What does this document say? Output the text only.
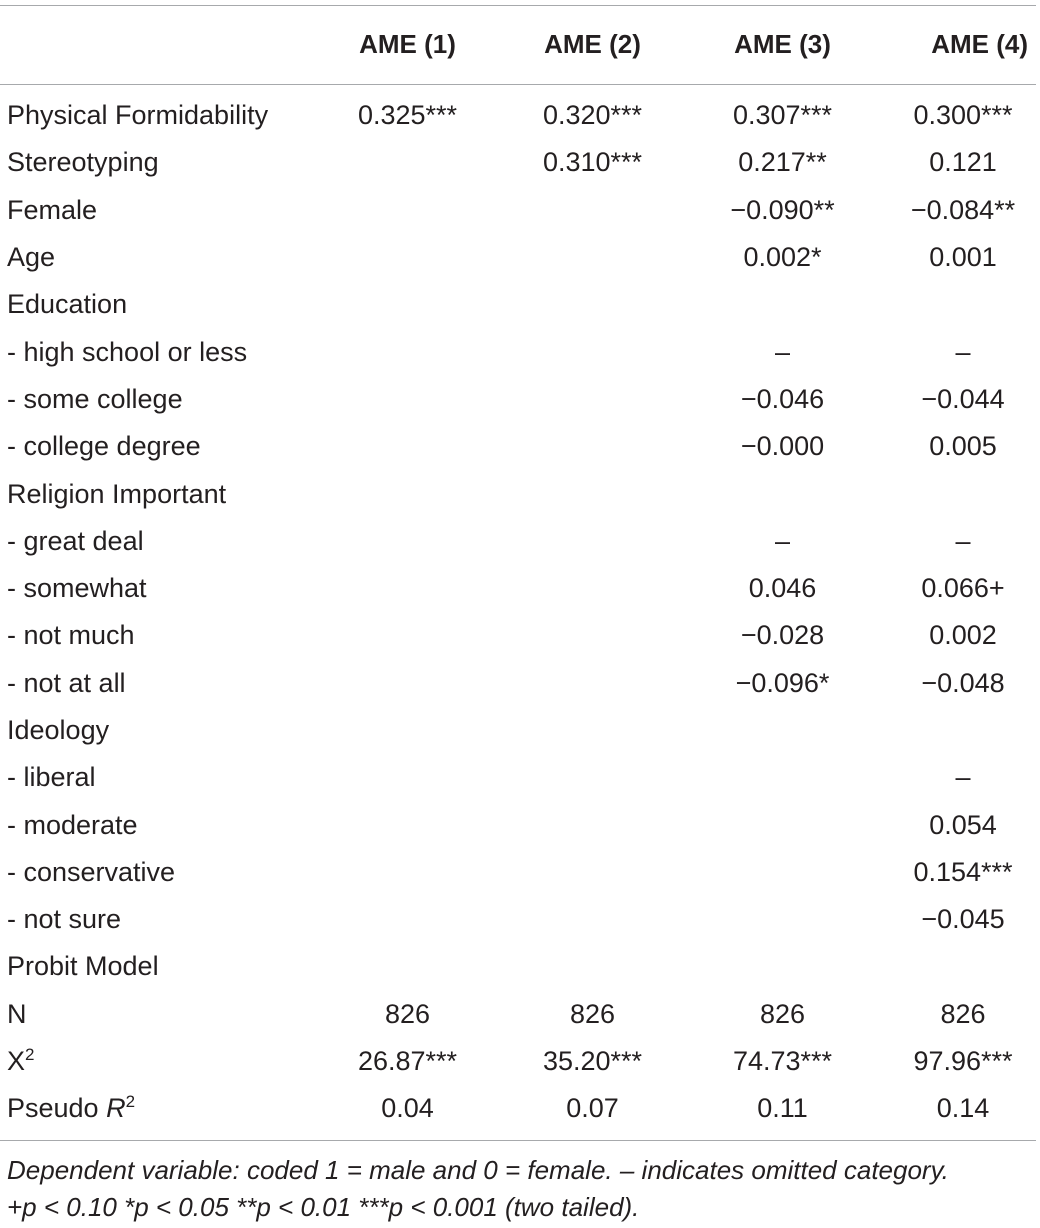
	AME (1)	AME (2)	AME (3)	AME (4)
Physical Formidability	0.325***	0.320***	0.307***	0.300***
Stereotyping		0.310***	0.217**	0.121
Female			−0.090**	−0.084**
Age			0.002*	0.001
Education				
- high school or less			–	–
- some college			−0.046	−0.044
- college degree			−0.000	0.005
Religion Important				
- great deal			–	–
- somewhat			0.046	0.066+
- not much			−0.028	0.002
- not at all			−0.096*	−0.048
Ideology				
- liberal				–
- moderate				0.054
- conservative				0.154***
- not sure				−0.045
Probit Model				
N	826	826	826	826
$X^2$	26.87***	35.20***	74.73***	97.96***
Pseudo $R^2$	0.04	0.07	0.11	0.14

Dependent variable: coded 1 = male and 0 = female. – indicates omitted category.

+p < 0.10 *p < 0.05 **p < 0.01 ***p < 0.001 (two tailed).
